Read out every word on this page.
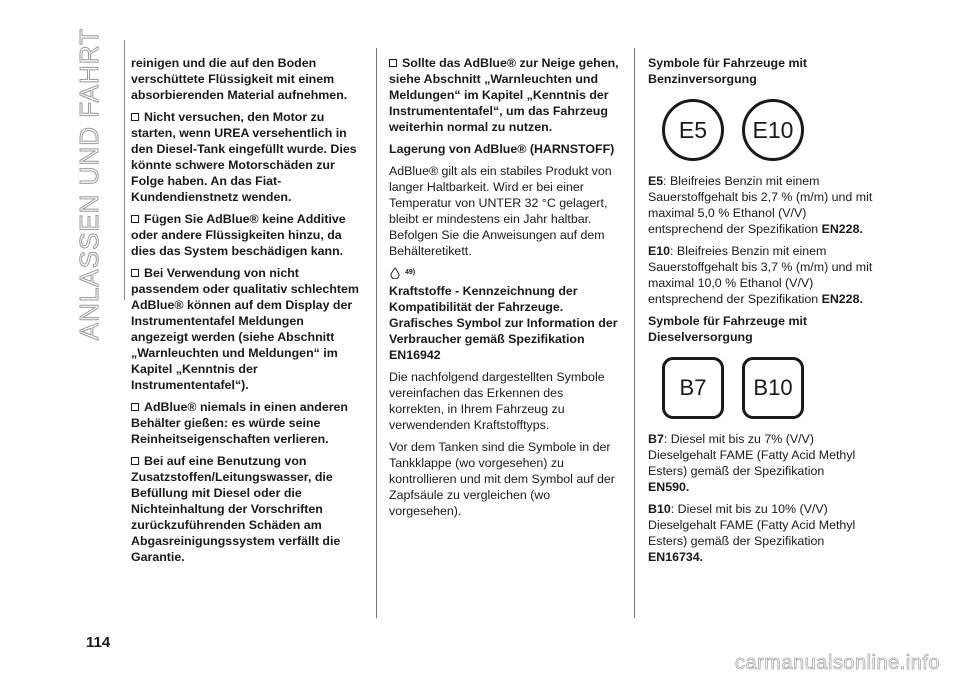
ANLASSEN UND FAHRT reinigen und die auf den Boden verschüttete Flüssigkeit mit einem absorbierenden Material aufnehmen.

Nicht versuchen, den Motor zu starten, wenn UREA versehentlich in den Diesel-Tank eingefüllt wurde. Dies könnte schwere Motorschäden zur Folge haben. An das Fiat-Kundendienstnetz wenden.

Fügen Sie AdBlue® keine Additive oder andere Flüssigkeiten hinzu, da dies das System beschädigen kann.

Bei Verwendung von nicht passendem oder qualitativ schlechtem AdBlue® können auf dem Display der Instrumententafel Meldungen angezeigt werden (siehe Abschnitt „Warnleuchten und Meldungen“ im Kapitel „Kenntnis der Instrumententafel“).

AdBlue® niemals in einen anderen Behälter gießen: es würde seine Reinheitseigenschaften verlieren.

Bei auf eine Benutzung von Zusatzstoffen/Leitungswasser, die Befüllung mit Diesel oder die Nichteinhaltung der Vorschriften zurückzuführenden Schäden am Abgasreinigungssystem verfällt die Garantie.

Sollte das AdBlue® zur Neige gehen, siehe Abschnitt „Warnleuchten und Meldungen“ im Kapitel „Kenntnis der Instrumententafel“, um das Fahrzeug weiterhin normal zu nutzen.

Lagerung von AdBlue® (HARNSTOFF)

AdBlue® gilt als ein stabiles Produkt von langer Haltbarkeit. Wird er bei einer Temperatur von UNTER 32 °C gelagert, bleibt er mindestens ein Jahr haltbar. Befolgen Sie die Anweisungen auf dem Behälteretikett.

49)

Kraftstoffe - Kennzeichnung der Kompatibilität der Fahrzeuge. Grafisches Symbol zur Information der Verbraucher gemäß Spezifikation EN16942

Die nachfolgend dargestellten Symbole vereinfachen das Erkennen des korrekten, in Ihrem Fahrzeug zu verwendenden Kraftstofftyps.

Vor dem Tanken sind die Symbole in der Tankklappe (wo vorgesehen) zu kontrollieren und mit dem Symbol auf der Zapfsäule zu vergleichen (wo vorgesehen).

Symbole für Fahrzeuge mit Benzinversorgung

E5	E10

E5: Bleifreies Benzin mit einem Sauerstoffgehalt bis 2,7 % (m/m) und mit maximal 5,0 % Ethanol (V/V) entsprechend der Spezifikation EN228.

E10: Bleifreies Benzin mit einem Sauerstoffgehalt bis 3,7 % (m/m) und mit maximal 10,0 % Ethanol (V/V) entsprechend der Spezifikation EN228.

Symbole für Fahrzeuge mit Dieselversorgung

B7	B10

B7: Diesel mit bis zu 7% (V/V) Dieselgehalt FAME (Fatty Acid Methyl Esters) gemäß der Spezifikation
EN590.

B10: Diesel mit bis zu 10% (V/V) Dieselgehalt FAME (Fatty Acid Methyl Esters) gemäß der Spezifikation
EN16734.

114
carmanualsonline.info
